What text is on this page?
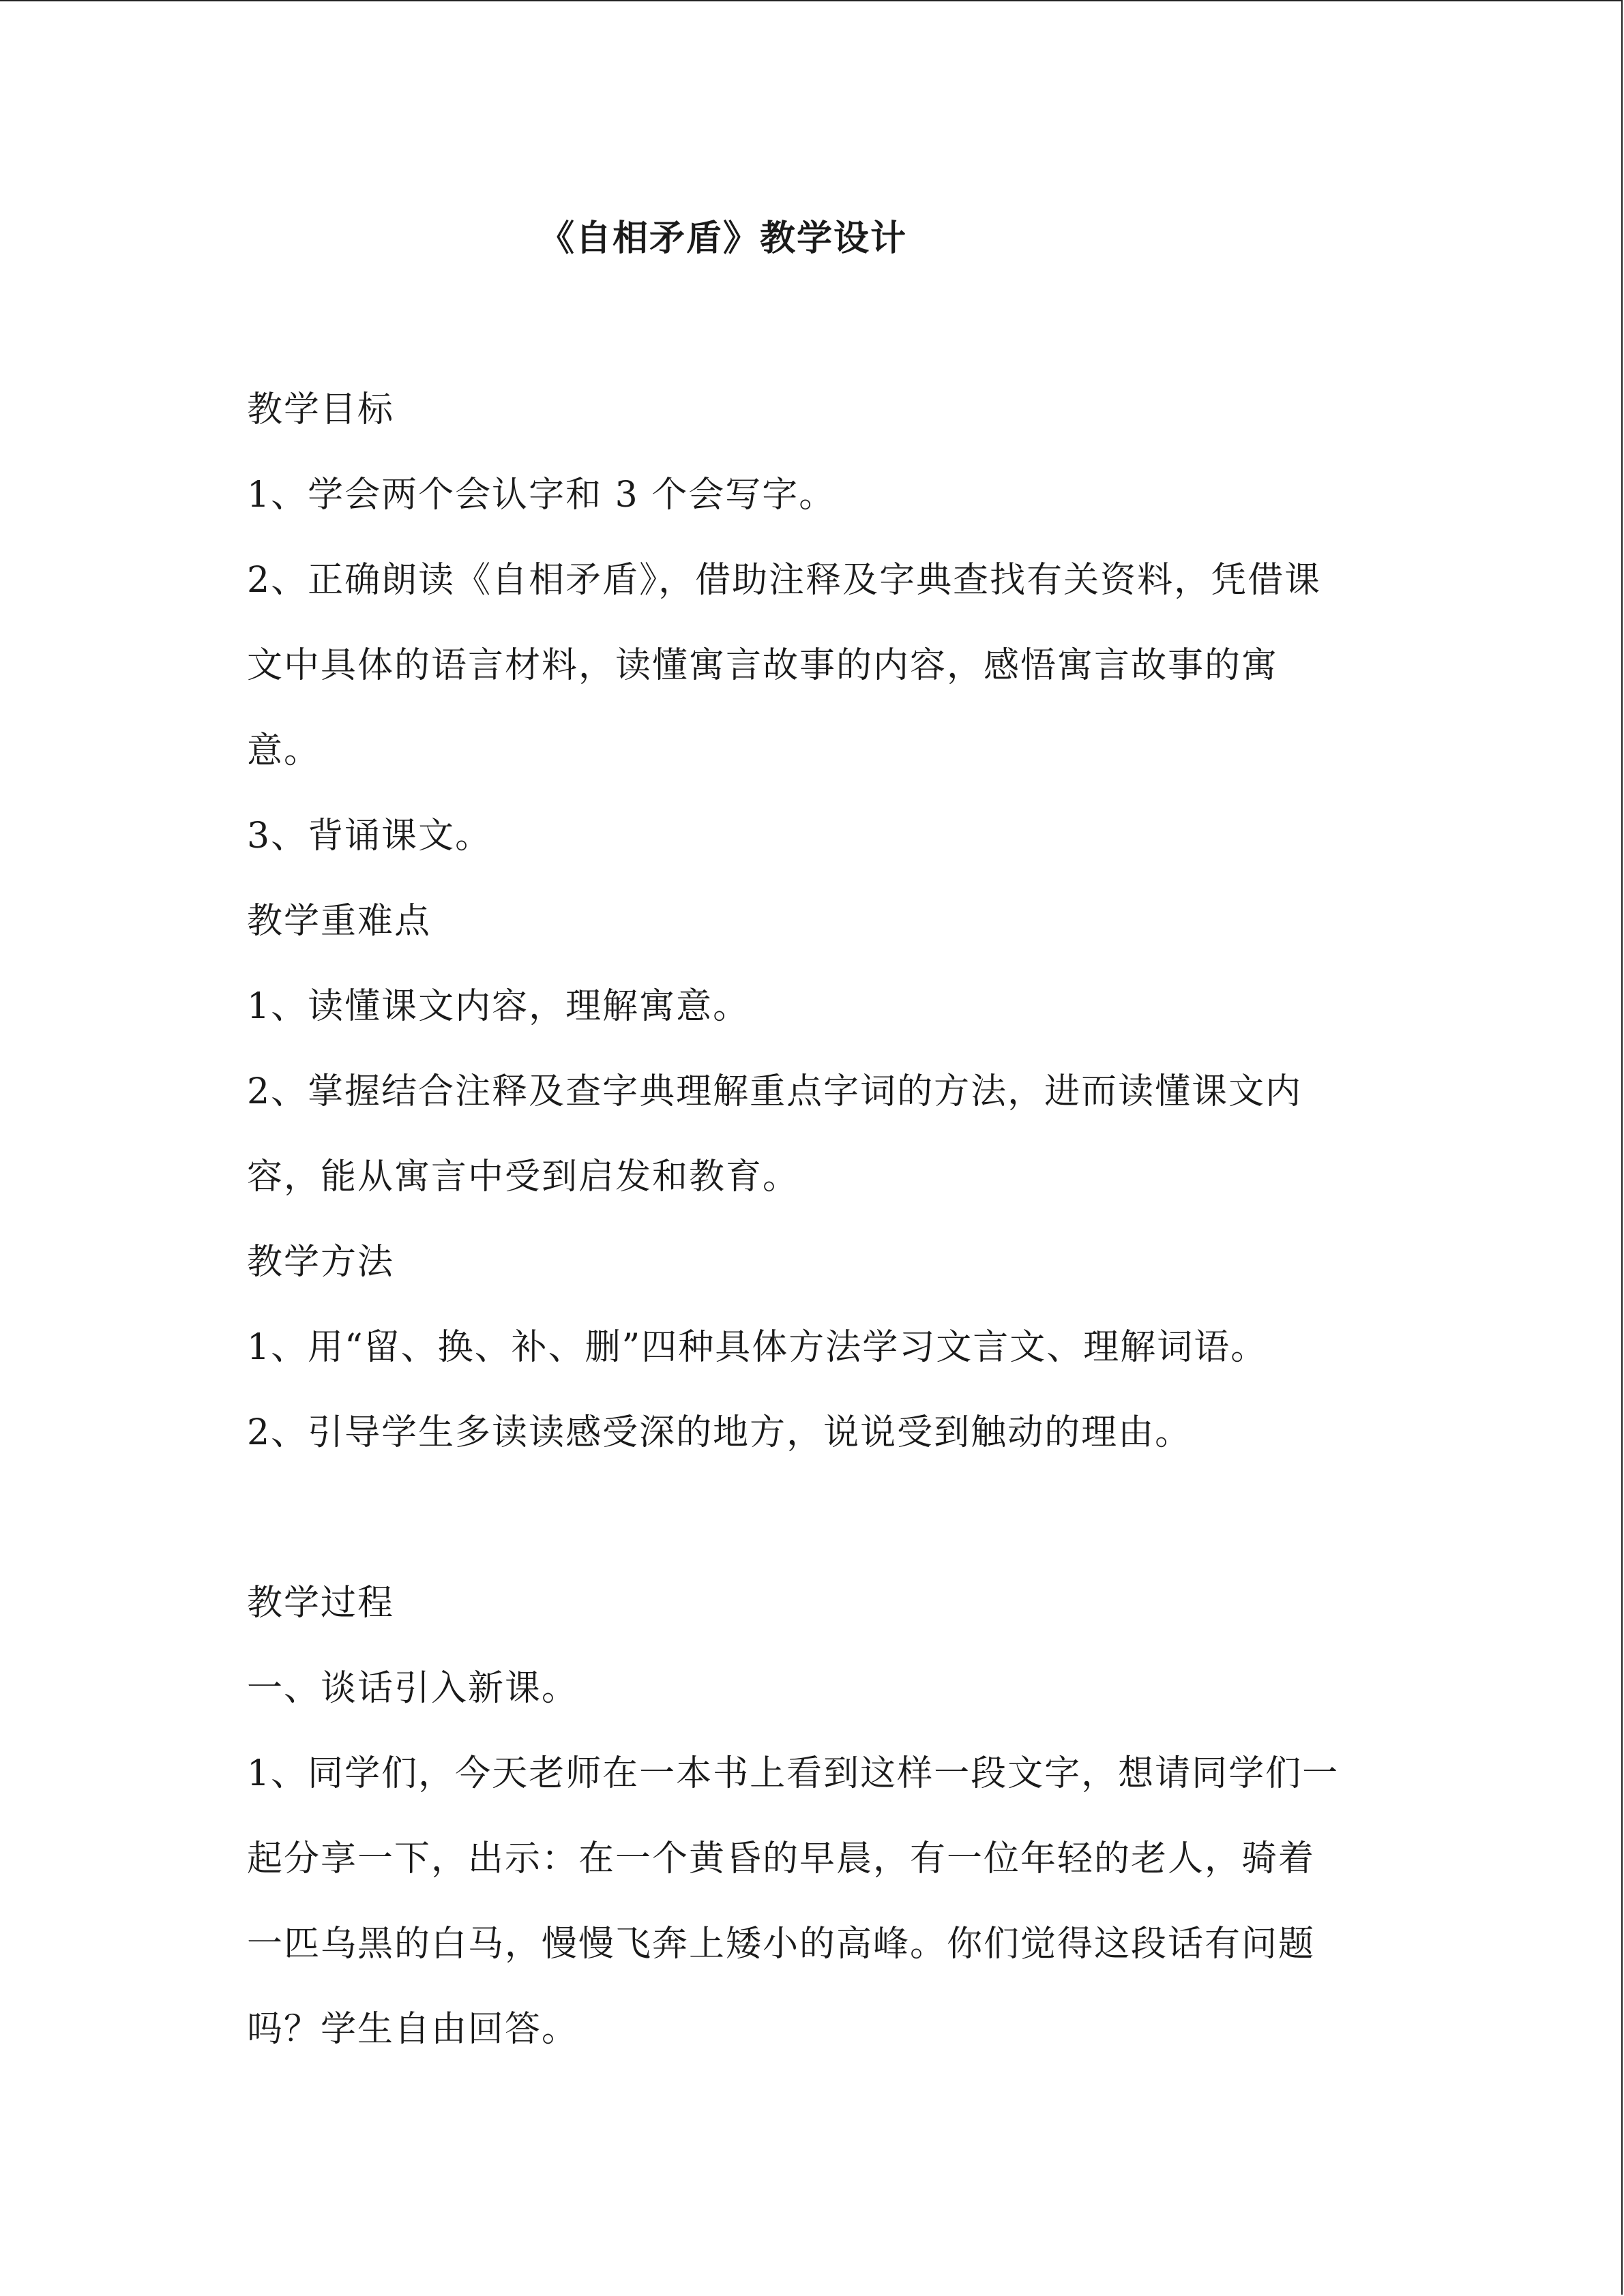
《自相矛盾》教学设计
教学目标
1、学会两个会认字和 3 个会写字。
2、正确朗读《自相矛盾》，借助注释及字典查找有关资料，凭借课
文中具体的语言材料，读懂寓言故事的内容，感悟寓言故事的寓
意。
3、背诵课文。
教学重难点
1、读懂课文内容，理解寓意。
2、掌握结合注释及查字典理解重点字词的方法，进而读懂课文内
容，能从寓言中受到启发和教育。
教学方法
1、用“留、换、补、删”四种具体方法学习文言文、理解词语。
2、引导学生多读读感受深的地方，说说受到触动的理由。
教学过程
一、谈话引入新课。
1、同学们，今天老师在一本书上看到这样一段文字，想请同学们一
起分享一下，出示：在一个黄昏的早晨，有一位年轻的老人，骑着
一匹乌黑的白马，慢慢飞奔上矮小的高峰。你们觉得这段话有问题
吗？学生自由回答。
